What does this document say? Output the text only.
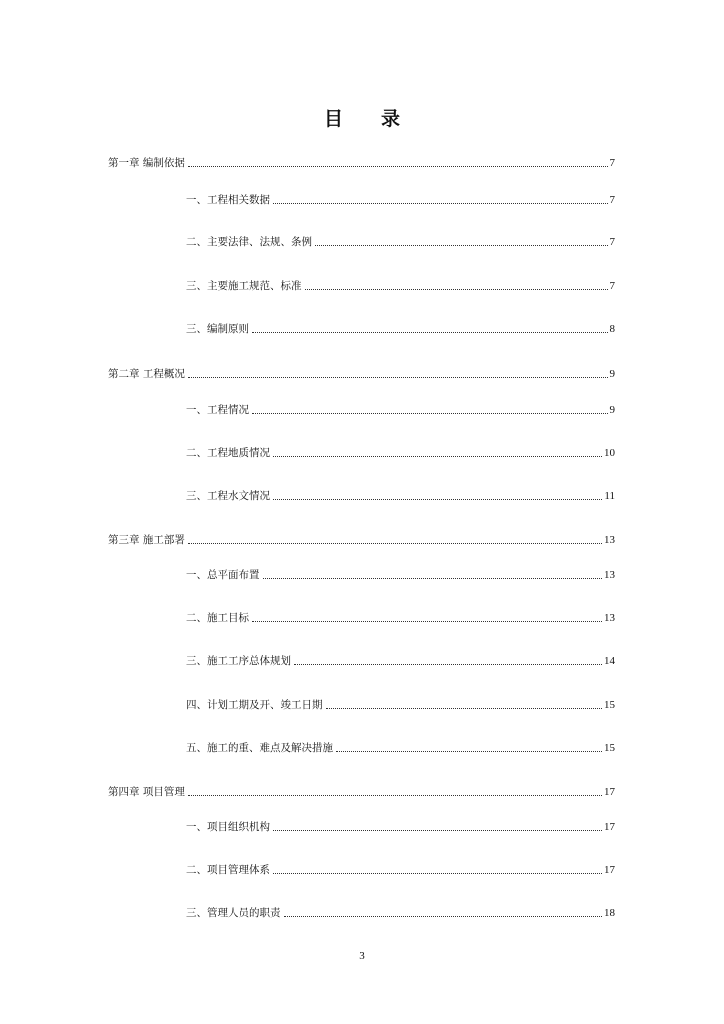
目 录
第一章 编制依据	7
一、工程相关数据	7
二、主要法律、法规、条例	7
三、主要施工规范、标准	7
三、编制原则	8
第二章 工程概况	9
一、工程情况	9
二、工程地质情况	10
三、工程水文情况	11
第三章 施工部署	13
一、总平面布置	13
二、施工目标	13
三、施工工序总体规划	14
四、计划工期及开、竣工日期	15
五、施工的重、难点及解决措施	15
第四章 项目管理	17
一、项目组织机构	17
二、项目管理体系	17
三、管理人员的职责	18
3
